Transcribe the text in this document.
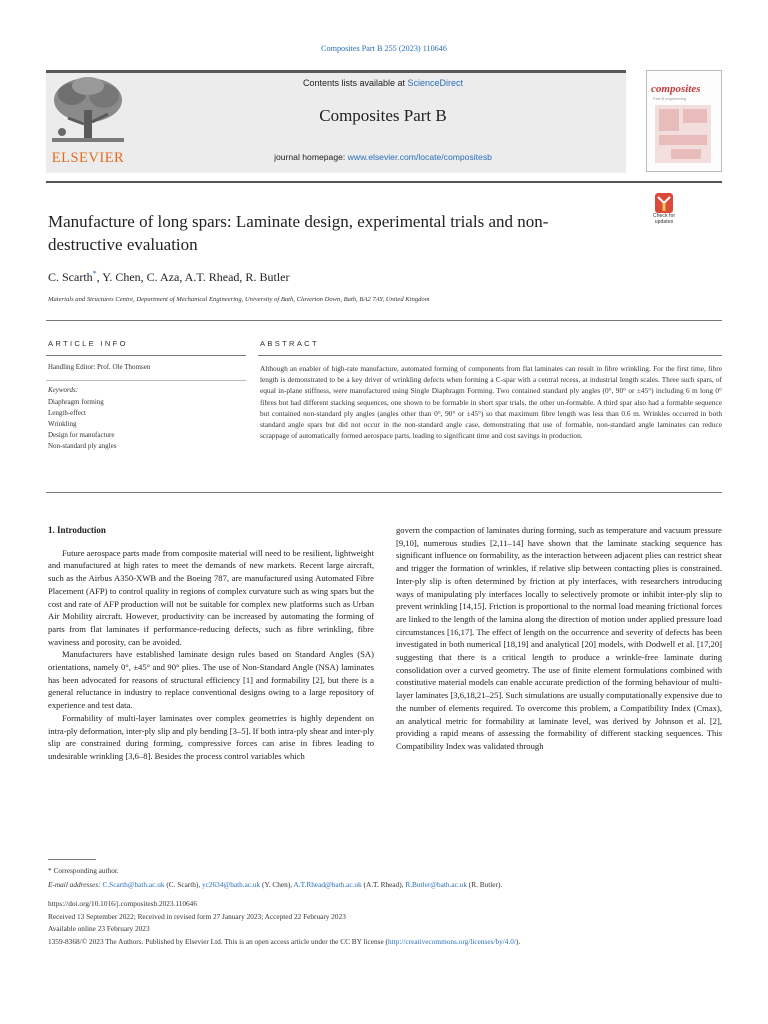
Composites Part B 255 (2023) 110646
ELSEVIER
Contents lists available at ScienceDirect
Composites Part B
journal homepage: www.elsevier.com/locate/compositesb
composites
Part B engineering
Manufacture of long spars: Laminate design, experimental trials and non-destructive evaluation
Check for
updates
C. Scarth*, Y. Chen, C. Aza, A.T. Rhead, R. Butler
Materials and Structures Centre, Department of Mechanical Engineering, University of Bath, Claverton Down, Bath, BA2 7AY, United Kingdom
ARTICLE INFO
Handling Editor: Prof. Ole Thomsen
Keywords:
Diaphragm forming
Length-effect
Wrinkling
Design for manufacture
Non-standard ply angles
ABSTRACT
Although an enabler of high-rate manufacture, automated forming of components from flat laminates can result in fibre wrinkling. For the first time, fibre length is demonstrated to be a key driver of wrinkling defects when forming a C-spar with a central recess, at industrial length scales. Three such spars, of equal in-plane stiffness, were manufactured using Single Diaphragm Forming. Two contained standard ply angles (0°, 90° or ±45°) including 6 m long 0° fibres but had different stacking sequences, one shown to be formable in short spar trials, the other un-formable. A third spar also had a formable sequence but contained non-standard ply angles (angles other than 0°, 90° or ±45°) so that maximum fibre length was less than 0.6 m. Wrinkles occurred in both standard angle spars but did not occur in the non-standard angle case, demonstrating that use of formable, non-standard angle laminates can reduce scrappage of automatically formed aerospace parts, leading to significant time and cost savings in production.
1. Introduction

Future aerospace parts made from composite material will need to be resilient, lightweight and manufactured at high rates to meet the demands of new markets. Recent large aircraft, such as the Airbus A350-XWB and the Boeing 787, are manufactured using Automated Fibre Placement (AFP) to control quality in regions of complex curvature such as wing spars but the cost and rate of AFP production will not be suitable for complex new platforms such as Urban Air Mobility aircraft. However, productivity can be increased by automating the forming of parts from flat laminates if performance-reducing defects, such as fibre wrinkling, fibre waviness and porosity, can be avoided.

Manufacturers have established laminate design rules based on Standard Angles (SA) orientations, namely 0°, ±45° and 90° plies. The use of Non-Standard Angle (NSA) laminates has been advocated for reasons of structural efficiency [1] and formability [2], but there is a general reluctance in industry to replace conventional designs owing to a large repository of experience and test data.

Formability of multi-layer laminates over complex geometries is highly dependent on intra-ply deformation, inter-ply slip and ply bending [3–5]. If both intra-ply shear and inter-ply slip are constrained during forming, compressive forces can arise in fibres leading to undesirable wrinkling [3,6–8]. Besides the process control variables which

govern the compaction of laminates during forming, such as temperature and vacuum pressure [9,10], numerous studies [2,11–14] have shown that the laminate stacking sequence has significant influence on formability, as the interaction between adjacent plies can restrict shear and trigger the formation of wrinkles, if relative slip between contacting plies is constrained. Inter-ply slip is often determined by friction at ply interfaces, with researchers introducing ways of manipulating ply interfaces locally to selectively promote or inhibit inter-ply slip to prevent wrinkling [14,15]. Friction is proportional to the normal load meaning frictional forces are linked to the length of the lamina along the direction of motion under applied pressure load circumstances [16,17]. The effect of length on the occurrence and severity of defects has been investigated in both numerical [18,19] and analytical [20] models, with Dodwell et al. [17,20] suggesting that there is a critical length to produce a wrinkle-free laminate during consolidation over a curved geometry. The use of finite element formulations combined with constitutive material models can enable accurate prediction of the forming behaviour of multi-layer laminates [3,6,18,21–25]. Such simulations are usually computationally expensive due to the number of elements required. To overcome this problem, a Compatibility Index (Cmax), an analytical metric for formability at laminate level, was derived by Johnson et al. [2], providing a rapid means of assessing the formability of different stacking sequences. This Compatibility Index was validated through

* Corresponding author.
E-mail addresses: C.Scarth@bath.ac.uk (C. Scarth), yc2634@bath.ac.uk (Y. Chen), A.T.Rhead@bath.ac.uk (A.T. Rhead), R.Butler@bath.ac.uk (R. Butler).
https://doi.org/10.1016/j.compositesb.2023.110646
Received 13 September 2022; Received in revised form 27 January 2023; Accepted 22 February 2023
Available online 23 February 2023
1359-8368/© 2023 The Authors. Published by Elsevier Ltd. This is an open access article under the CC BY license (http://creativecommons.org/licenses/by/4.0/).
